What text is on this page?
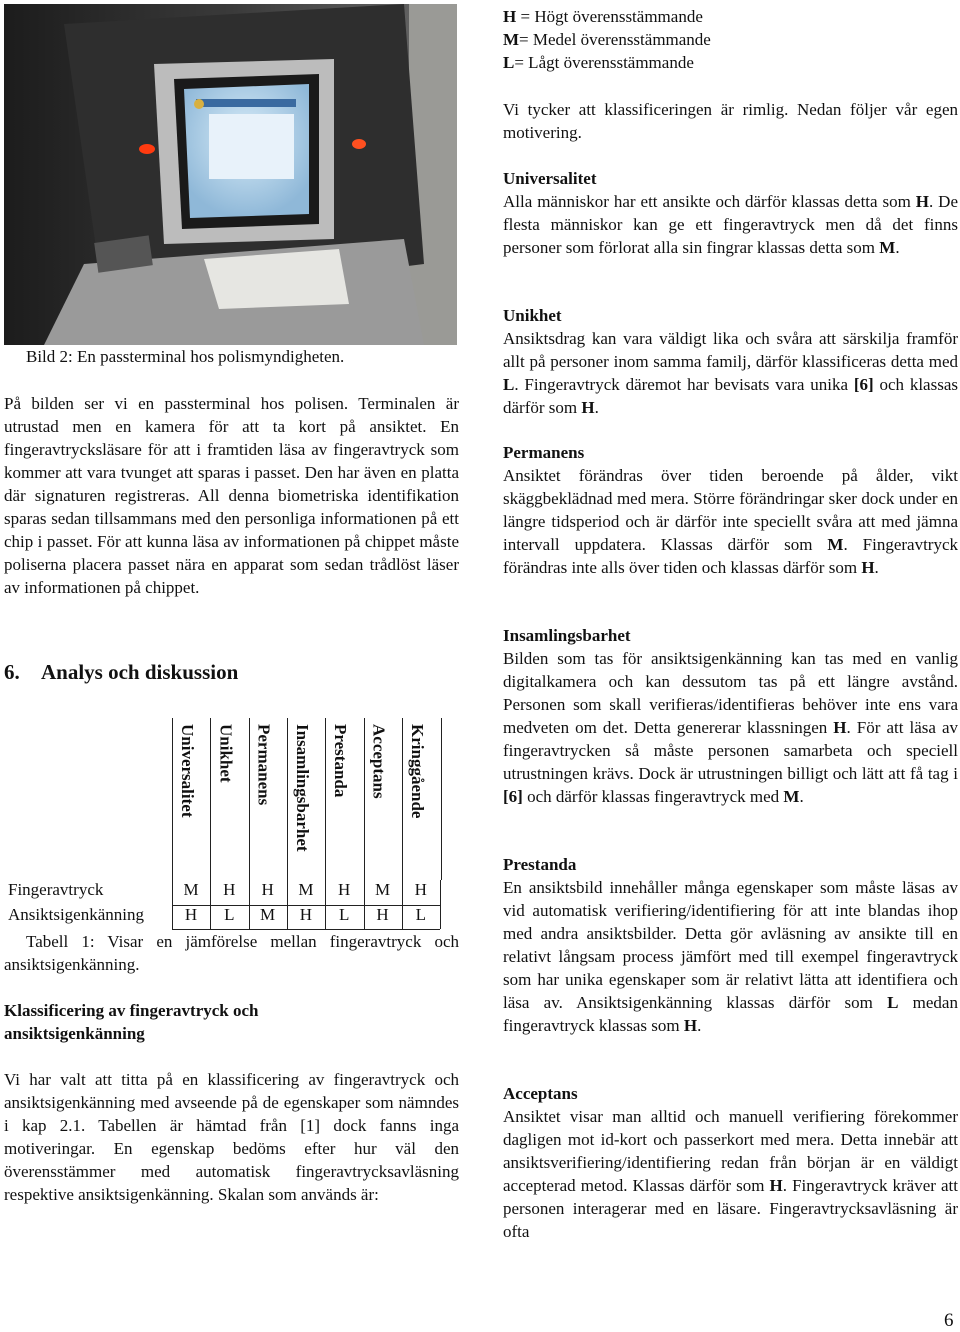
Bild 2: En passterminal hos polismyndigheten.

På bilden ser vi en passterminal hos polisen. Terminalen är utrustad men en kamera för att ta kort på ansiktet. En fingeravtrycksläsare för att i framtiden läsa av fingeravtryck som kommer att vara tvunget att sparas i passet. Den har även en platta där signaturen registreras. All denna biometriska identifikation sparas sedan tillsammans med den personliga informationen på ett chip i passet. För att kunna läsa av informationen på chippet måste poliserna placera passet nära en apparat som sedan trådlöst läser av informationen på chippet.

6. Analys och diskussion
Universalitet Unikhet Permanens Insamlingsbarhet Prestanda Acceptans Kringgående
Fingeravtryck	M	H	H	M	H	M	H
Ansiktsigenkänning	H	L	M	H	L	H	L
Tabell 1: Visar en jämförelse mellan fingeravtryck och ansiktsigenkänning.
Klassificering av fingeravtryck och ansiktsigenkänning

Vi har valt att titta på en klassificering av fingeravtryck och ansiktsigenkänning med avseende på de egenskaper som nämndes i kap 2.1. Tabellen är hämtad från [1] dock fanns inga motiveringar. En egenskap bedöms efter hur väl den överensstämmer med automatisk fingeravtrycksavläsning respektive ansiktsigenkänning. Skalan som används är:

H = Högt överensstämmande
M= Medel överensstämmande
L= Lågt överensstämmande

Vi tycker att klassificeringen är rimlig. Nedan följer vår egen motivering.

Universalitet

Alla människor har ett ansikte och därför klassas detta som H. De flesta människor kan ge ett fingeravtryck men då det finns personer som förlorat alla sin fingrar klassas detta som M.

Unikhet

Ansiktsdrag kan vara väldigt lika och svåra att särskilja framför allt på personer inom samma familj, därför klassificeras detta med L. Fingeravtryck däremot har bevisats vara unika [6] och klassas därför som H.

Permanens

Ansiktet förändras över tiden beroende på ålder, vikt skäggbeklädnad med mera. Större förändringar sker dock under en längre tidsperiod och är därför inte speciellt svåra att med jämna intervall uppdatera. Klassas därför som M. Fingeravtryck förändras inte alls över tiden och klassas därför som H.

Insamlingsbarhet

Bilden som tas för ansiktsigenkänning kan tas med en vanlig digitalkamera och kan dessutom tas på ett längre avstånd. Personen som skall verifieras/identifieras behöver inte ens vara medveten om det. Detta genererar klassningen H. För att läsa av fingeravtrycken så måste personen samarbeta och speciell utrustningen krävs. Dock är utrustningen billigt och lätt att få tag i [6] och därför klassas fingeravtryck med M.

Prestanda

En ansiktsbild innehåller många egenskaper som måste läsas av vid automatisk verifiering/identifiering för att inte blandas ihop med andra ansiktsbilder. Detta gör avläsning av ansikte till en relativt långsam process jämfört med till exempel fingeravtryck som har unika egenskaper som är relativt lätta att identifiera och läsa av. Ansiktsigenkänning klassas därför som L medan fingeravtryck klassas som H.

Acceptans

Ansiktet visar man alltid och manuell verifiering förekommer dagligen mot id-kort och passerkort med mera. Detta innebär att ansiktsverifiering/identifiering redan från början är en väldigt accepterad metod. Klassas därför som H. Fingeravtryck kräver att personen interagerar med en läsare. Fingeravtrycksavläsning är ofta

6
